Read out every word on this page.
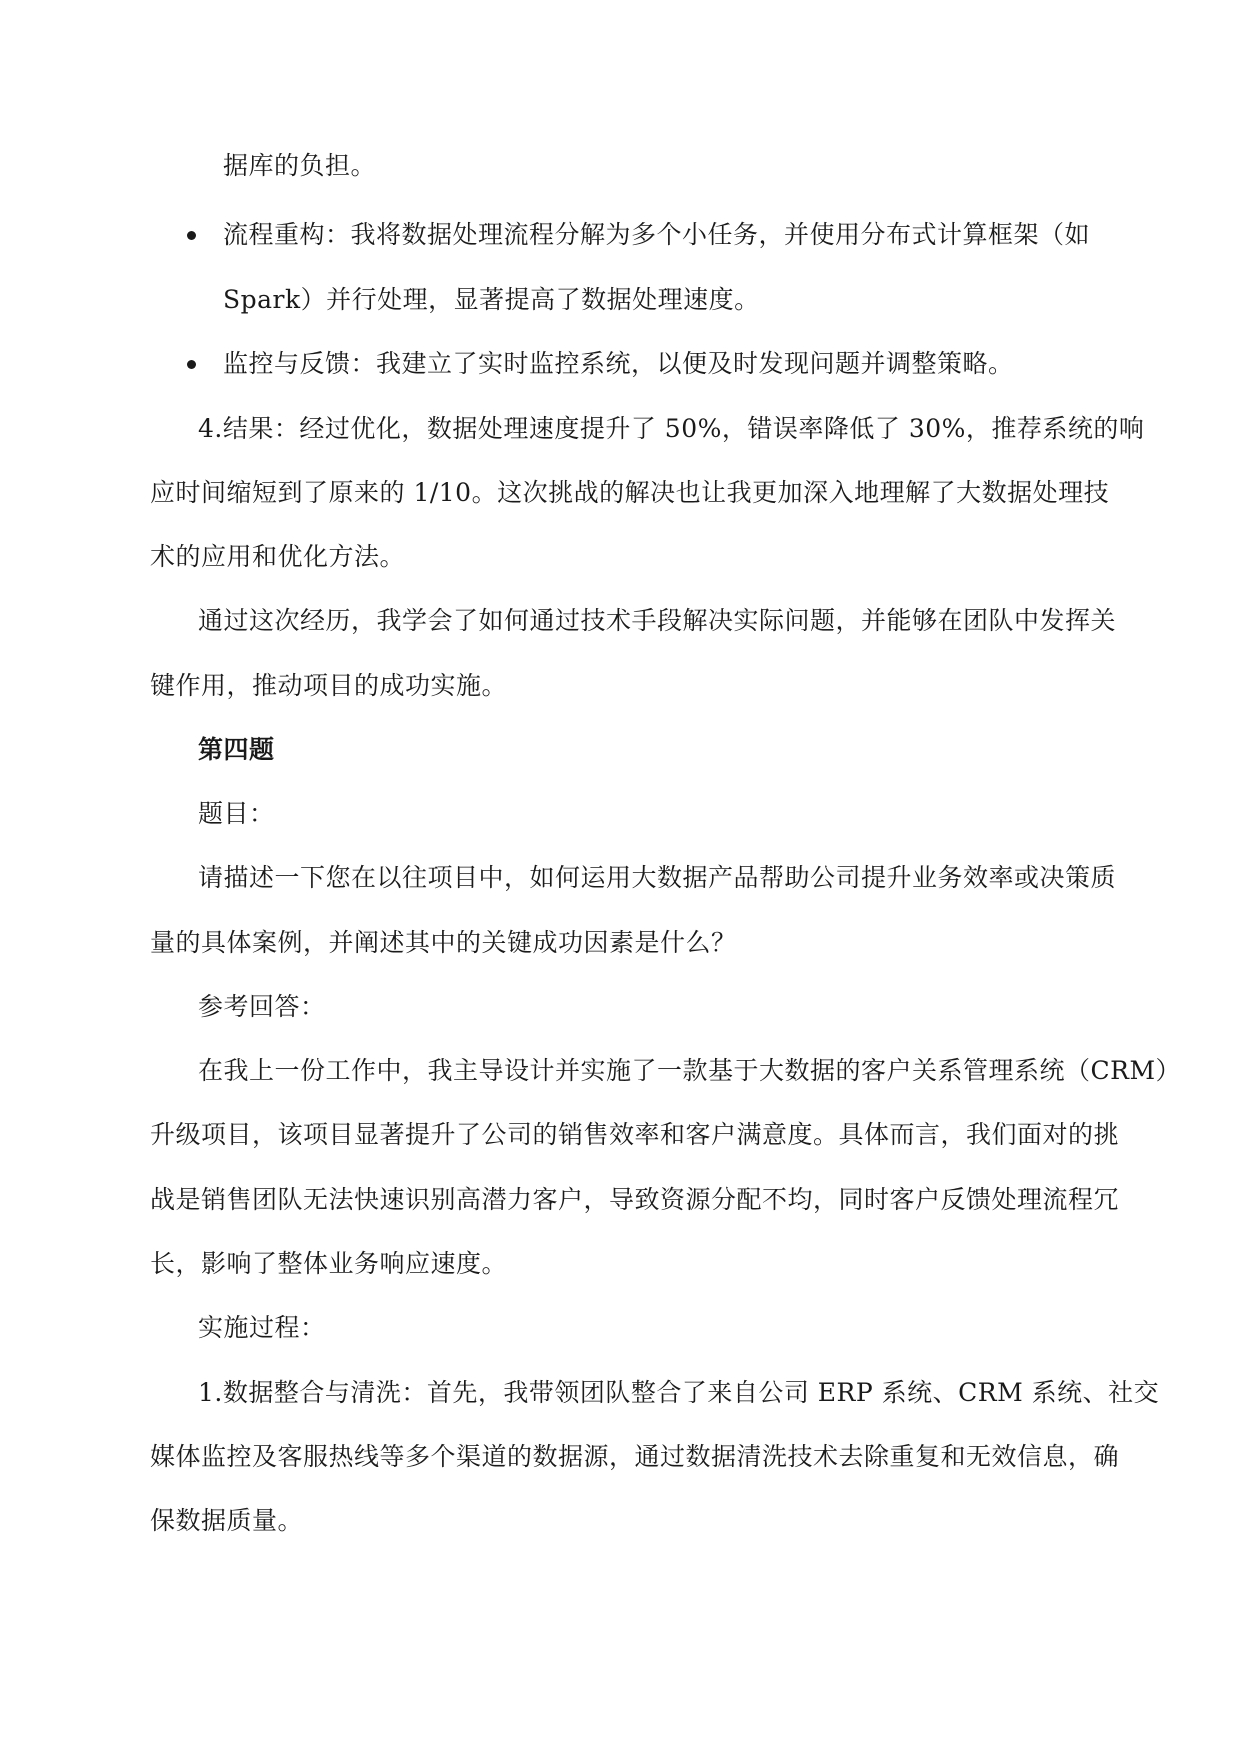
据库的负担。
流程重构：我将数据处理流程分解为多个小任务，并使用分布式计算框架（如
Spark）并行处理，显著提高了数据处理速度。
监控与反馈：我建立了实时监控系统，以便及时发现问题并调整策略。
4.结果：经过优化，数据处理速度提升了 50%，错误率降低了 30%，推荐系统的响
应时间缩短到了原来的 1/10。这次挑战的解决也让我更加深入地理解了大数据处理技
术的应用和优化方法。
通过这次经历，我学会了如何通过技术手段解决实际问题，并能够在团队中发挥关
键作用，推动项目的成功实施。
第四题
题目：
请描述一下您在以往项目中，如何运用大数据产品帮助公司提升业务效率或决策质
量的具体案例，并阐述其中的关键成功因素是什么？
参考回答：
在我上一份工作中，我主导设计并实施了一款基于大数据的客户关系管理系统（CRM）
升级项目，该项目显著提升了公司的销售效率和客户满意度。具体而言，我们面对的挑
战是销售团队无法快速识别高潜力客户，导致资源分配不均，同时客户反馈处理流程冗
长，影响了整体业务响应速度。
实施过程：
1.数据整合与清洗：首先，我带领团队整合了来自公司 ERP 系统、CRM 系统、社交
媒体监控及客服热线等多个渠道的数据源，通过数据清洗技术去除重复和无效信息，确
保数据质量。
